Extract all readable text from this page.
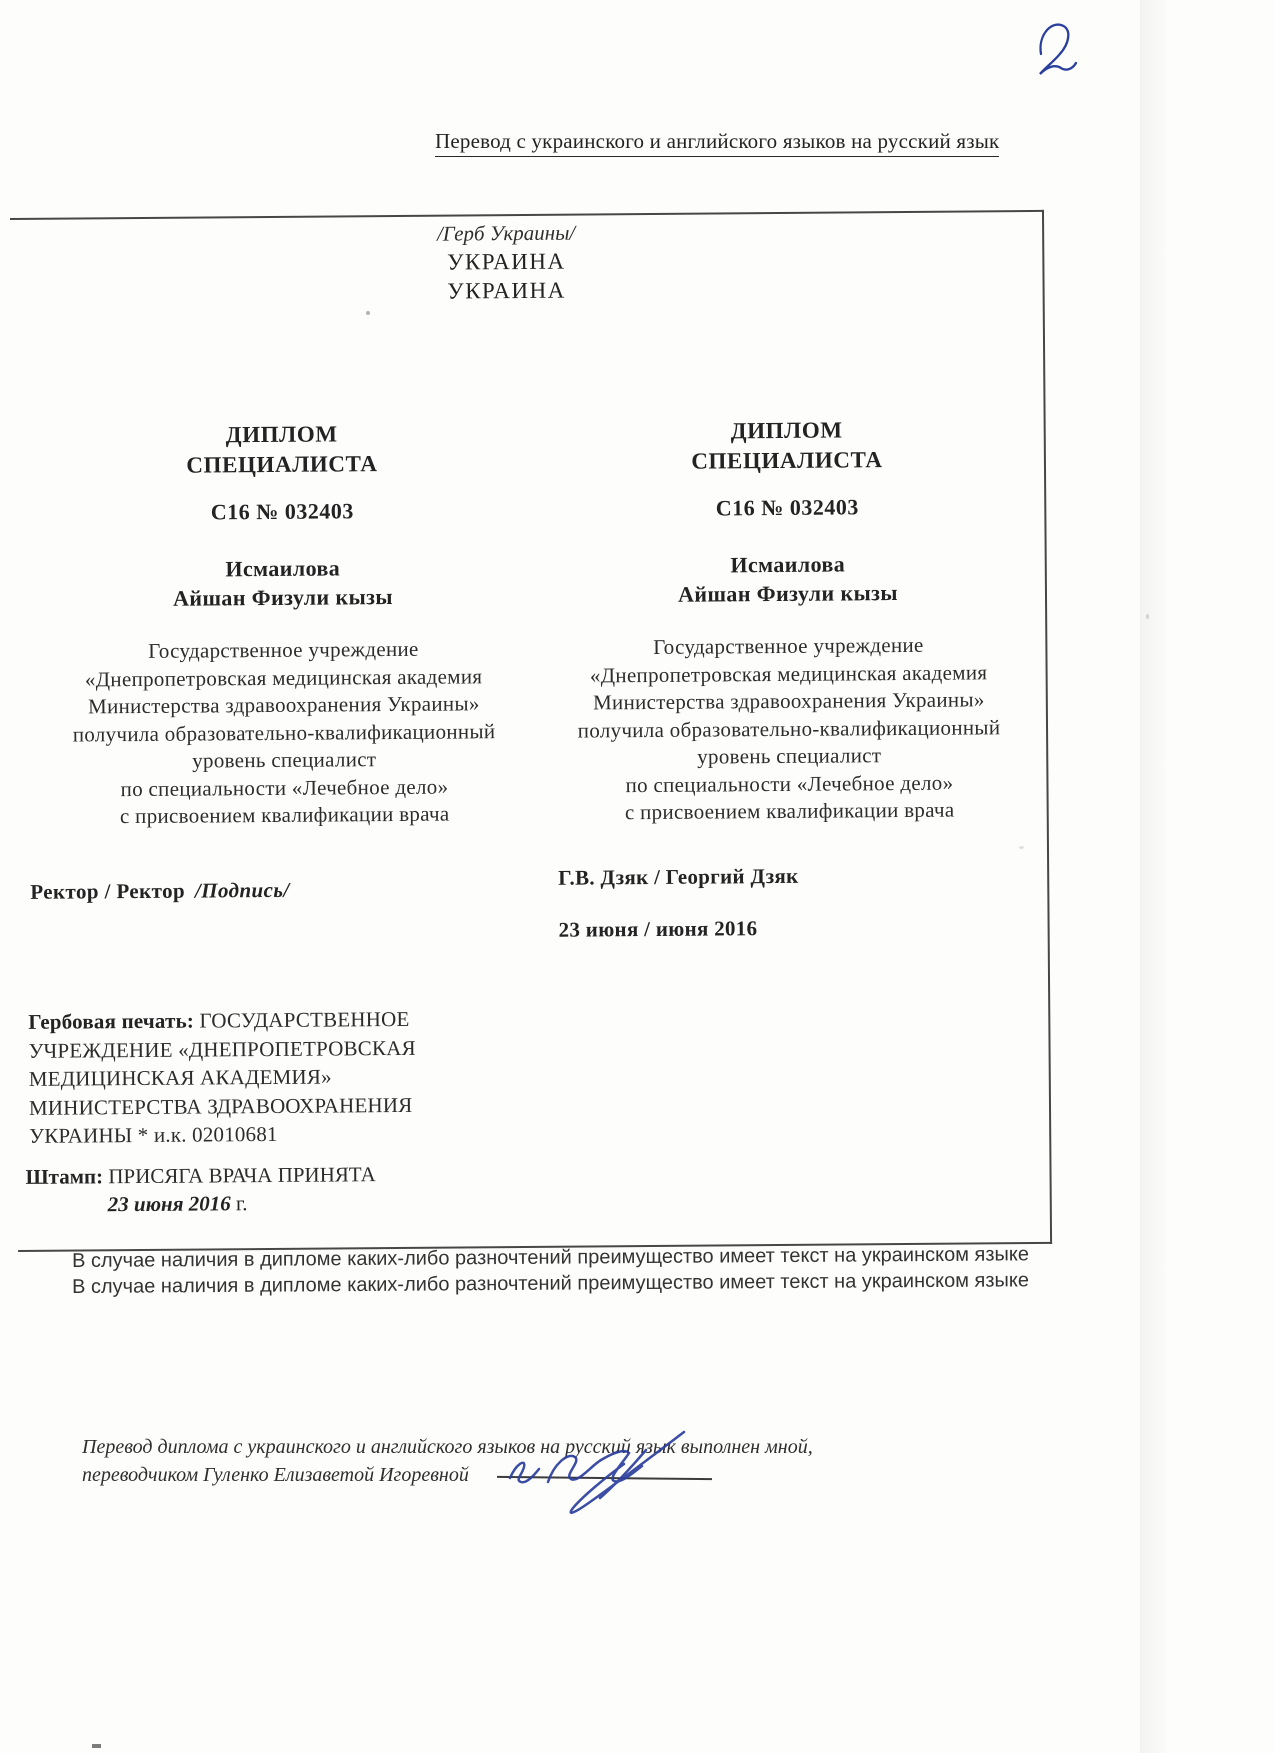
Перевод с украинского и английского языков на русский язык
/Герб Украины/
УКРАИНА
УКРАИНА
ДИПЛОМ
СПЕЦИАЛИСТА
С16 № 032403
Исмаилова
Айшан Физули кызы
Государственное учреждение
«Днепропетровская медицинская академия
Министерства здравоохранения Украины»
получила образовательно-квалификационный
уровень специалист
по специальности «Лечебное дело»
с присвоением квалификации врача
ДИПЛОМ
СПЕЦИАЛИСТА
С16 № 032403
Исмаилова
Айшан Физули кызы
Государственное учреждение
«Днепропетровская медицинская академия
Министерства здравоохранения Украины»
получила образовательно-квалификационный
уровень специалист
по специальности «Лечебное дело»
с присвоением квалификации врача
Ректор / Ректор /Подпись/
Г.В. Дзяк / Георгий Дзяк
23 июня / июня 2016
Гербовая печать: ГОСУДАРСТВЕННОЕ
УЧРЕЖДЕНИЕ «ДНЕПРОПЕТРОВСКАЯ
МЕДИЦИНСКАЯ АКАДЕМИЯ»
МИНИСТЕРСТВА ЗДРАВООХРАНЕНИЯ
УКРАИНЫ * и.к. 02010681
Штамп: ПРИСЯГА ВРАЧА ПРИНЯТА
23 июня 2016 г.
В случае наличия в дипломе каких-либо разночтений преимущество имеет текст на украинском языке
В случае наличия в дипломе каких-либо разночтений преимущество имеет текст на украинском языке
Перевод диплома с украинского и английского языков на русский язык выполнен мной,
переводчиком Гуленко Елизаветой Игоревной
